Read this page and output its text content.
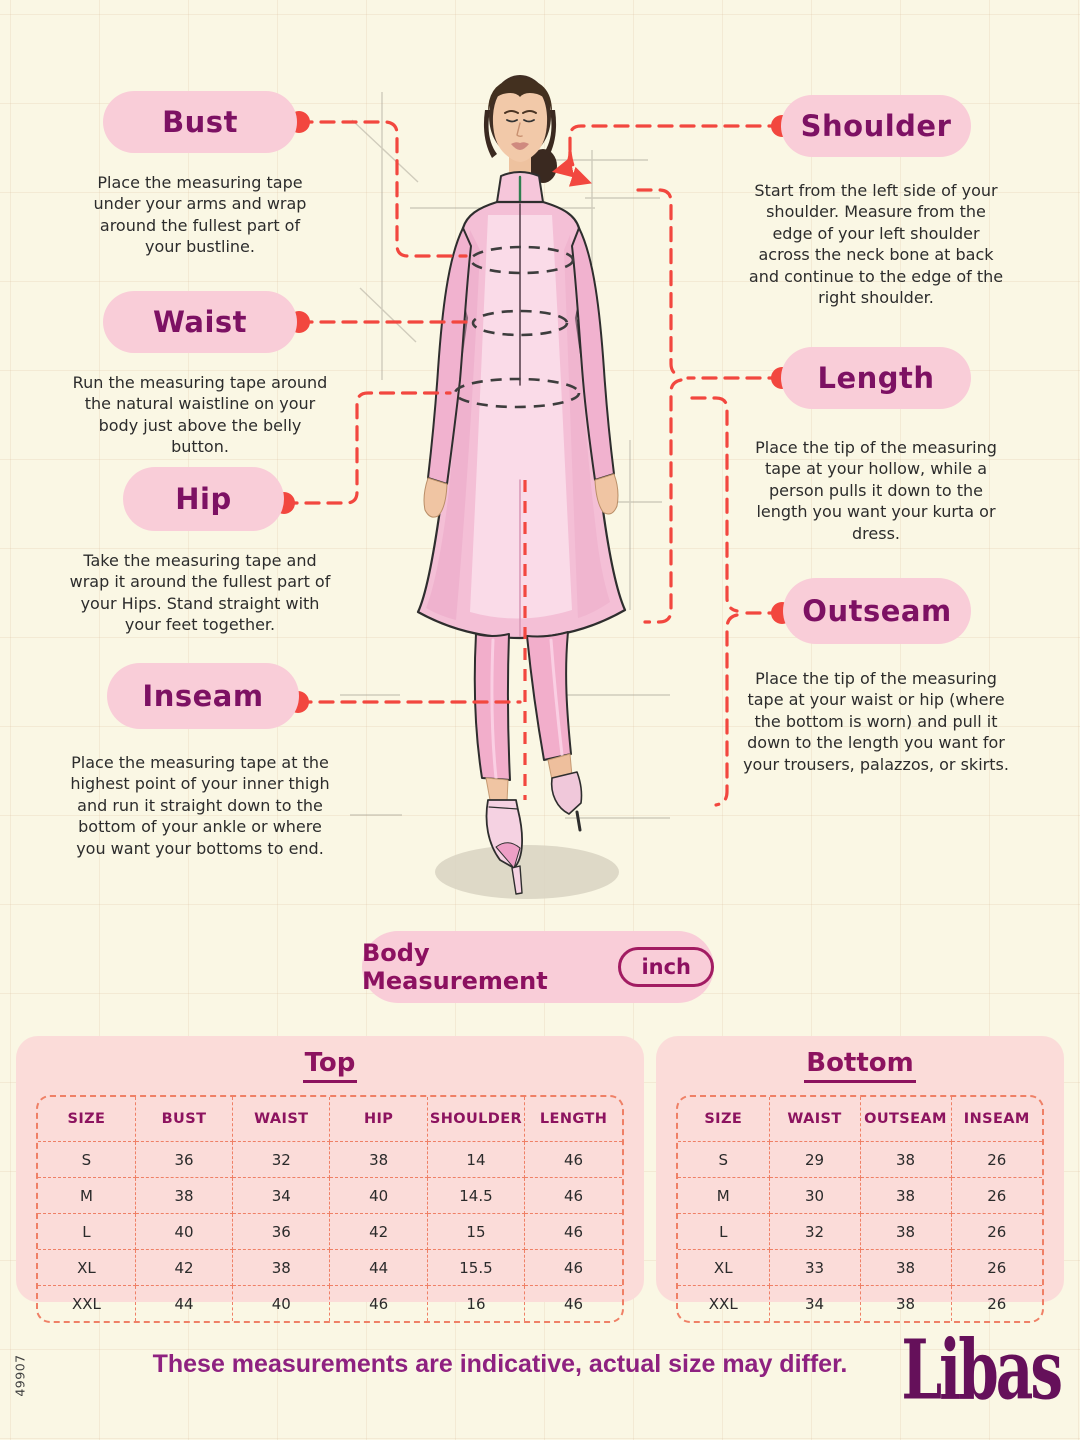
Bust
Place the measuring tape under your arms and wrap around the fullest part of your bustline.
Waist
Run the measuring tape around the natural waistline on your body just above the belly button.
Hip
Take the measuring tape and wrap it around the fullest part of your Hips. Stand straight with your feet together.
Inseam
Place the measuring tape at the highest point of your inner thigh and run it straight down to the bottom of your ankle or where you want your bottoms to end.
Shoulder
Start from the left side of your shoulder. Measure from the edge of your left shoulder across the neck bone at back and continue to the edge of the right shoulder.
Length
Place the tip of the measuring tape at your hollow, while a person pulls it down to the length you want your kurta or dress.
Outseam
Place the tip of the measuring tape at your waist or hip (where the bottom is worn) and pull it down to the length you want for your trousers, palazzos, or skirts.
Body Measurement	inch
Top
SIZE	BUST	WAIST	HIP	SHOULDER	LENGTH
S	36	32	38	14	46
M	38	34	40	14.5	46
L	40	36	42	15	46
XL	42	38	44	15.5	46
XXL	44	40	46	16	46
Bottom
SIZE	WAIST	OUTSEAM	INSEAM
S	29	38	26
M	30	38	26
L	32	38	26
XL	33	38	26
XXL	34	38	26
These measurements are indicative, actual size may differ. Libas
49907
